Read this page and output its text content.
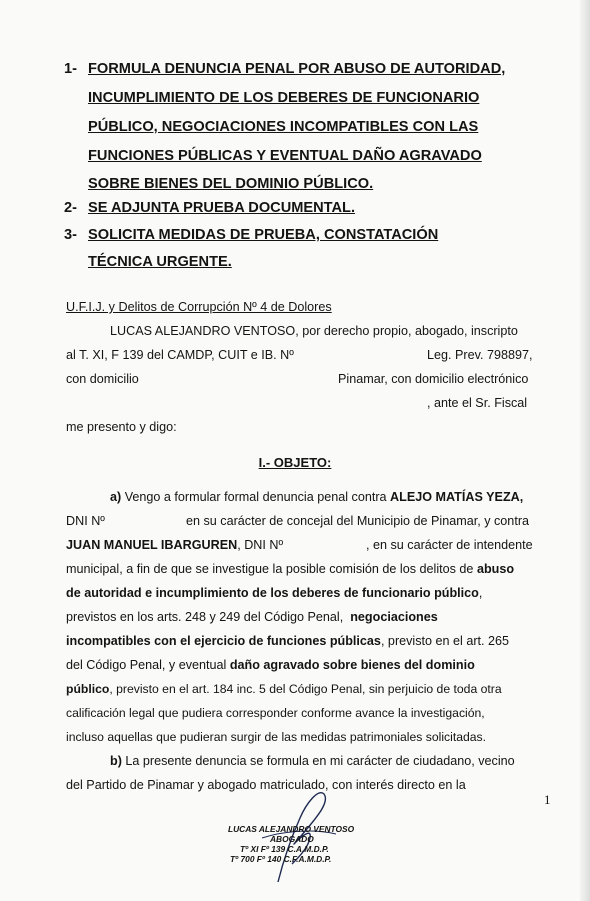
1- FORMULA DENUNCIA PENAL POR ABUSO DE AUTORIDAD,
INCUMPLIMIENTO DE LOS DEBERES DE FUNCIONARIO
PÚBLICO, NEGOCIACIONES INCOMPATIBLES CON LAS
FUNCIONES PÚBLICAS Y EVENTUAL DAÑO AGRAVADO
SOBRE BIENES DEL DOMINIO PÚBLICO.
2- SE ADJUNTA PRUEBA DOCUMENTAL.
3- SOLICITA MEDIDAS DE PRUEBA, CONSTATACIÓN
TÉCNICA URGENTE.
U.F.I.J. y Delitos de Corrupción Nº 4 de Dolores
LUCAS ALEJANDRO VENTOSO, por derecho propio, abogado, inscripto
al T. XI, F 139 del CAMDP, CUIT e IB. Nº	Leg. Prev. 798897,
con domicilio	Pinamar, con domicilio electrónico
, ante el Sr. Fiscal
me presento y digo:
I.- OBJETO:
a) Vengo a formular formal denuncia penal contra ALEJO MATÍAS YEZA,
DNI Nº	en su carácter de concejal del Municipio de Pinamar, y contra
JUAN MANUEL IBARGUREN, DNI Nº	, en su carácter de intendente
municipal, a fin de que se investigue la posible comisión de los delitos de abuso
de autoridad e incumplimiento de los deberes de funcionario público,
previstos en los arts. 248 y 249 del Código Penal, negociaciones
incompatibles con el ejercicio de funciones públicas, previsto en el art. 265
del Código Penal, y eventual daño agravado sobre bienes del dominio
público, previsto en el art. 184 inc. 5 del Código Penal, sin perjuicio de toda otra
calificación legal que pudiera corresponder conforme avance la investigación,
incluso aquellas que pudieran surgir de las medidas patrimoniales solicitadas.
b) La presente denuncia se formula en mi carácter de ciudadano, vecino
del Partido de Pinamar y abogado matriculado, con interés directo en la
1
LUCAS ALEJANDRO VENTOSO
ABOGADO
Tº XI Fº 139 C.A.M.D.P.
Tº 700 Fº 140 C.F.A.M.D.P.
